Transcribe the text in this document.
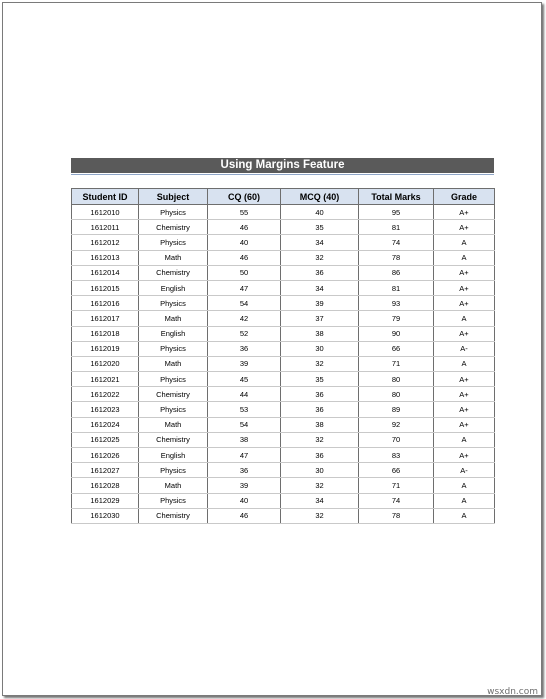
Using Margins Feature
Student ID	Subject	CQ (60)	MCQ (40)	Total Marks	Grade
1612010	Physics	55	40	95	A+
1612011	Chemistry	46	35	81	A+
1612012	Physics	40	34	74	A
1612013	Math	46	32	78	A
1612014	Chemistry	50	36	86	A+
1612015	English	47	34	81	A+
1612016	Physics	54	39	93	A+
1612017	Math	42	37	79	A
1612018	English	52	38	90	A+
1612019	Physics	36	30	66	A-
1612020	Math	39	32	71	A
1612021	Physics	45	35	80	A+
1612022	Chemistry	44	36	80	A+
1612023	Physics	53	36	89	A+
1612024	Math	54	38	92	A+
1612025	Chemistry	38	32	70	A
1612026	English	47	36	83	A+
1612027	Physics	36	30	66	A-
1612028	Math	39	32	71	A
1612029	Physics	40	34	74	A
1612030	Chemistry	46	32	78	A
wsxdn.com
